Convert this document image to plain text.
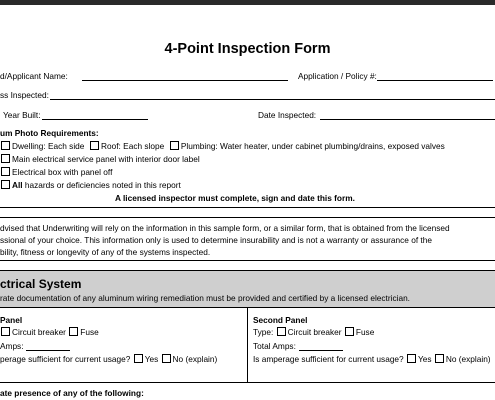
4-Point Inspection Form
d/Applicant Name:	Application / Policy #:
ss Inspected:
Year Built:	Date Inspected:
um Photo Requirements:
Dwelling: Each side Roof: Each slope Plumbing: Water heater, under cabinet plumbing/drains, exposed valves
Main electrical service panel with interior door label
Electrical box with panel off
All hazards or deficiencies noted in this report
A licensed inspector must complete, sign and date this form.
dvised that Underwriting will rely on the information in this sample form, or a similar form, that is obtained from the licensed
ssional of your choice. This information only is used to determine insurability and is not a warranty or assurance of the
bility, fitness or longevity of any of the systems inspected.
ctrical System
rate documentation of any aluminum wiring remediation must be provided and certified by a licensed electrician.
Panel
Circuit breaker Fuse
Amps:
perage sufficient for current usage? Yes No (explain)
Second Panel
Type: Circuit breaker Fuse
Total Amps:
Is amperage sufficient for current usage? Yes No (explain)
ate presence of any of the following:
